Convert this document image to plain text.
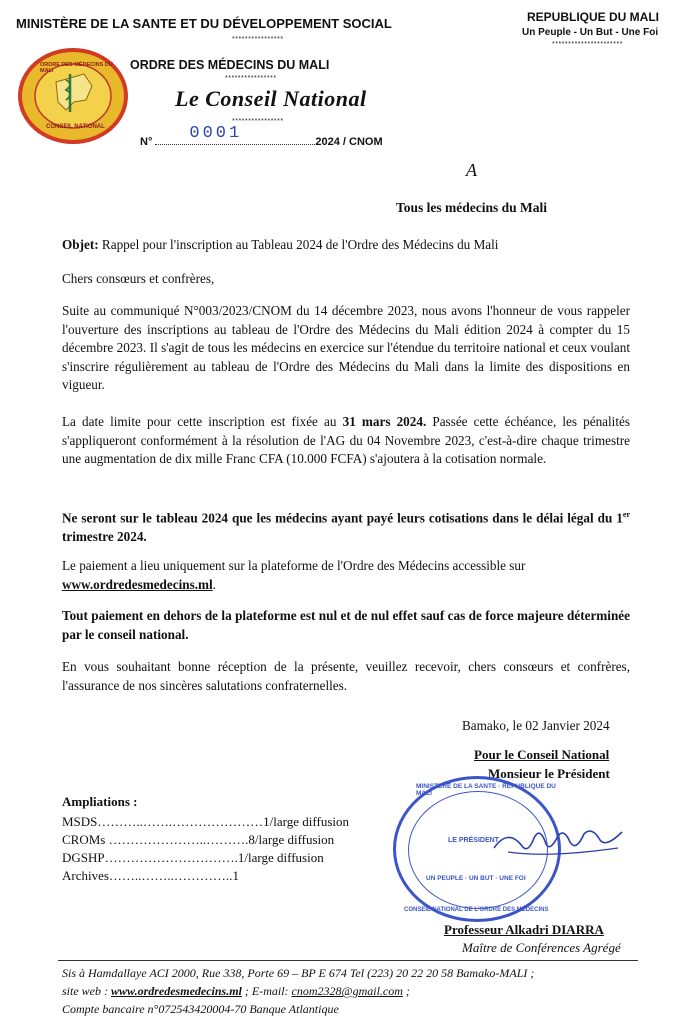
MINISTÈRE DE LA SANTE ET DU DÉVELOPPEMENT SOCIAL
****************
ORDRE DES MÉDECINS DU MALI
****************
Le Conseil National
****************
N° 0001	2024 / CNOM
ORDRE DES MÉDECINS DU MALI
CONSEIL NATIONAL
REPUBLIQUE DU MALI
Un Peuple - Un But - Une Foi
**********************
A
Tous les médecins du Mali
Objet: Rappel pour l'inscription au Tableau 2024 de l'Ordre des Médecins du Mali
Chers consœurs et confrères,
Suite au communiqué N°003/2023/CNOM du 14 décembre 2023, nous avons l'honneur de vous rappeler l'ouverture des inscriptions au tableau de l'Ordre des Médecins du Mali édition 2024 à compter du 15 décembre 2023. Il s'agit de tous les médecins en exercice sur l'étendue du territoire national et ceux voulant s'inscrire régulièrement au tableau de l'Ordre des Médecins du Mali dans la limite des dispositions en vigueur.
La date limite pour cette inscription est fixée au 31 mars 2024. Passée cette échéance, les pénalités s'appliqueront conformément à la résolution de l'AG du 04 Novembre 2023, c'est-à-dire chaque trimestre une augmentation de dix mille Franc CFA (10.000 FCFA) s'ajoutera à la cotisation normale.
Ne seront sur le tableau 2024 que les médecins ayant payé leurs cotisations dans le délai légal du 1er trimestre 2024.
Le paiement a lieu uniquement sur la plateforme de l'Ordre des Médecins accessible sur
www.ordredesmedecins.ml.
Tout paiement en dehors de la plateforme est nul et de nul effet sauf cas de force majeure déterminée par le conseil national.
En vous souhaitant bonne réception de la présente, veuillez recevoir, chers consœurs et confrères, l'assurance de nos sincères salutations confraternelles.
Bamako, le 02 Janvier 2024
Pour le Conseil National
Monsieur le Président
MINISTERE DE LA SANTE · REPUBLIQUE DU MALI
LE PRÉSIDENT
UN PEUPLE · UN BUT · UNE FOI
CONSEIL NATIONAL DE L'ORDRE DES MÉDECINS
Professeur Alkadri DIARRA
Maître de Conférences Agrégé
Ampliations :
MSDS………..…….…………………1/large diffusion
CROMs …………………..……….8/large diffusion
DGSHP………………………….1/large diffusion
Archives……..……..…………..1
Sis à Hamdallaye ACI 2000, Rue 338, Porte 69 – BP E 674 Tel (223) 20 22 20 58 Bamako-MALI ;
site web : www.ordredesmedecins.ml ; E-mail: cnom2328@gmail.com ;
Compte bancaire n°072543420004-70 Banque Atlantique
